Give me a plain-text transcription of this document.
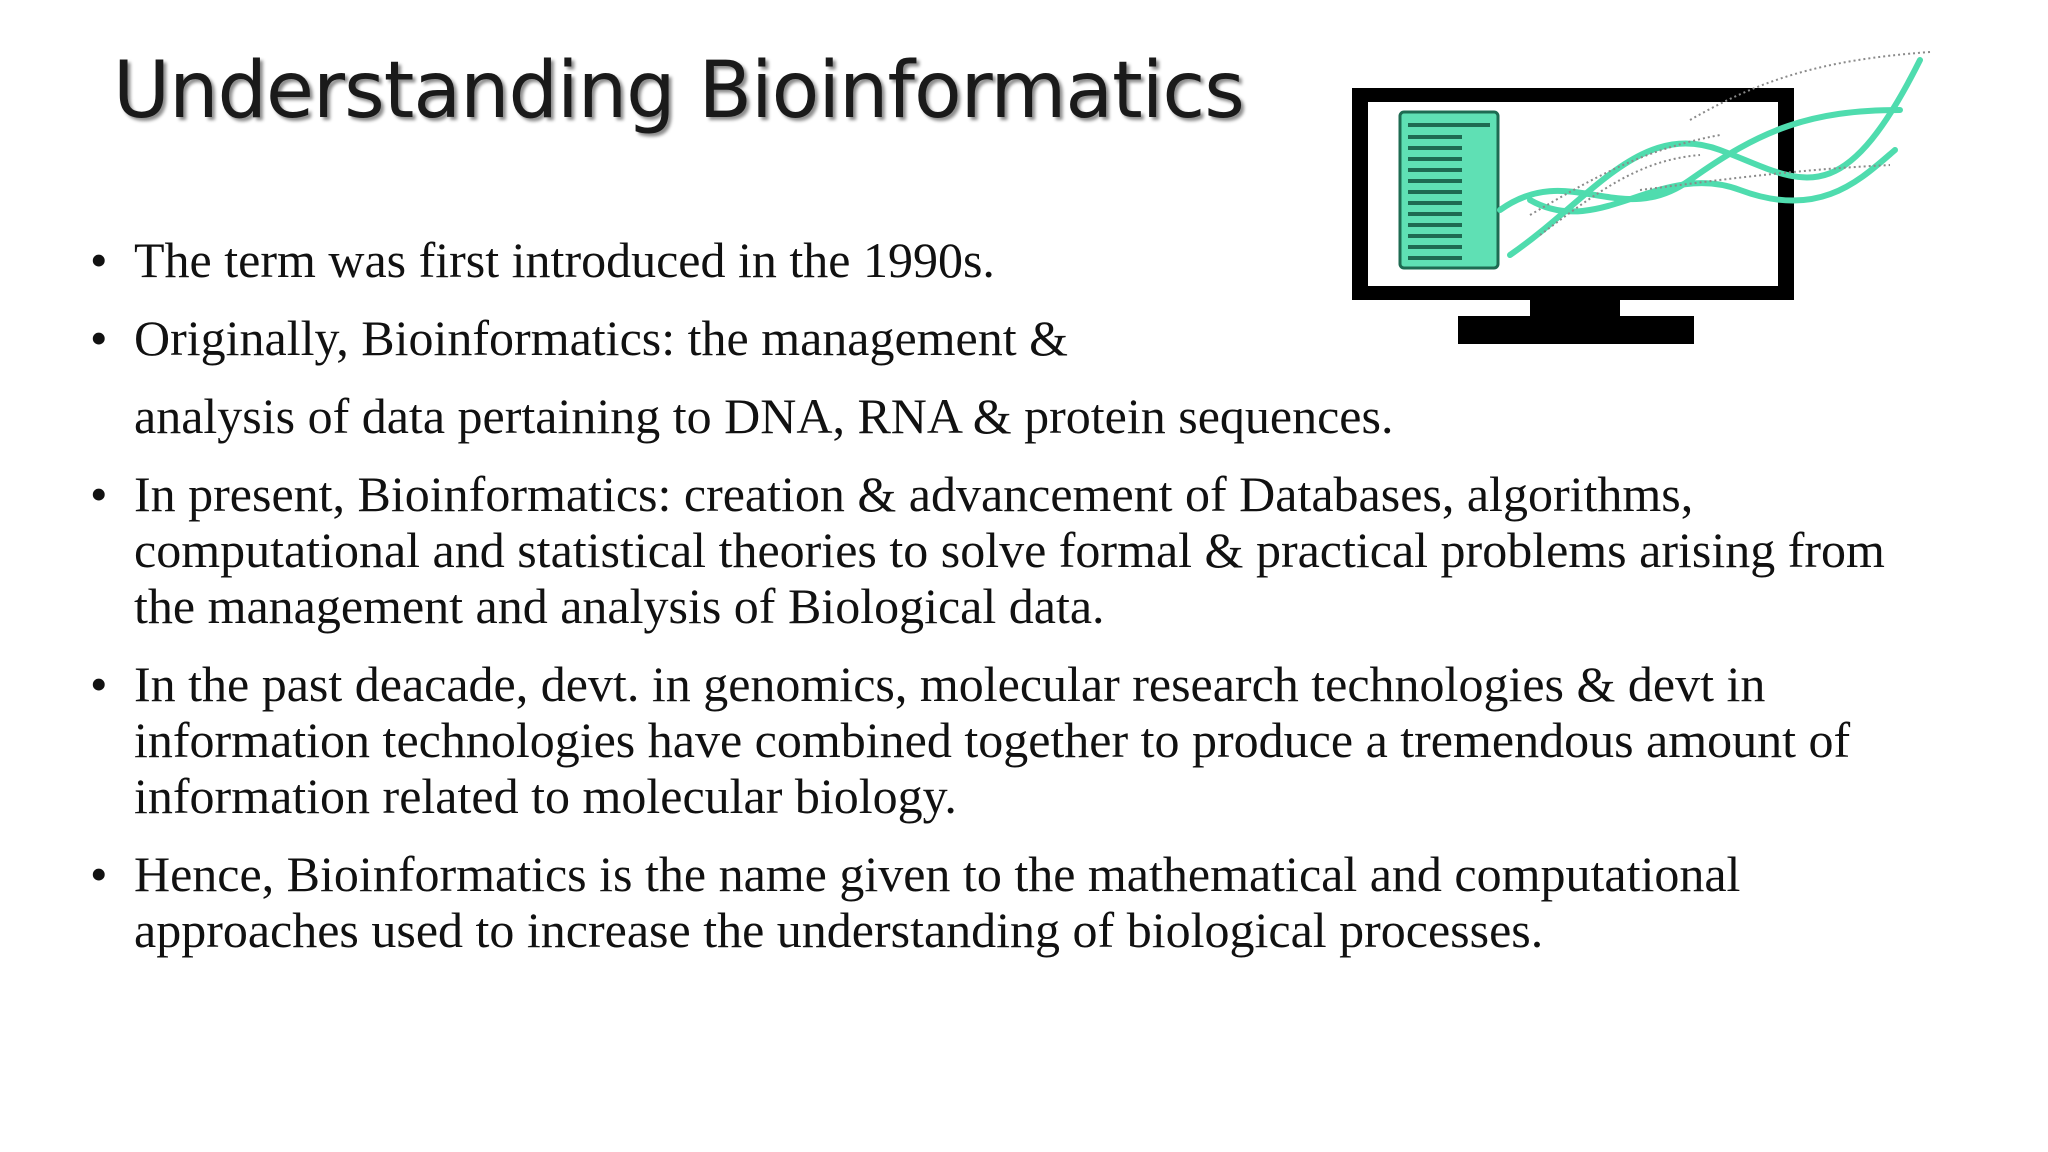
Understanding Bioinformatics
• The term was first introduced in the 1990s.
• Originally, Bioinformatics: the management &
analysis of data pertaining to DNA, RNA & protein sequences.
• In present, Bioinformatics: creation & advancement of Databases, algorithms, computational and statistical theories to solve formal & practical problems arising from the management and analysis of Biological data.
• In the past deacade, devt. in genomics, molecular research technologies & devt in information technologies have combined together to produce a tremendous amount of information related to molecular biology.
• Hence, Bioinformatics is the name given to the mathematical and computational approaches used to increase the understanding of biological processes.
